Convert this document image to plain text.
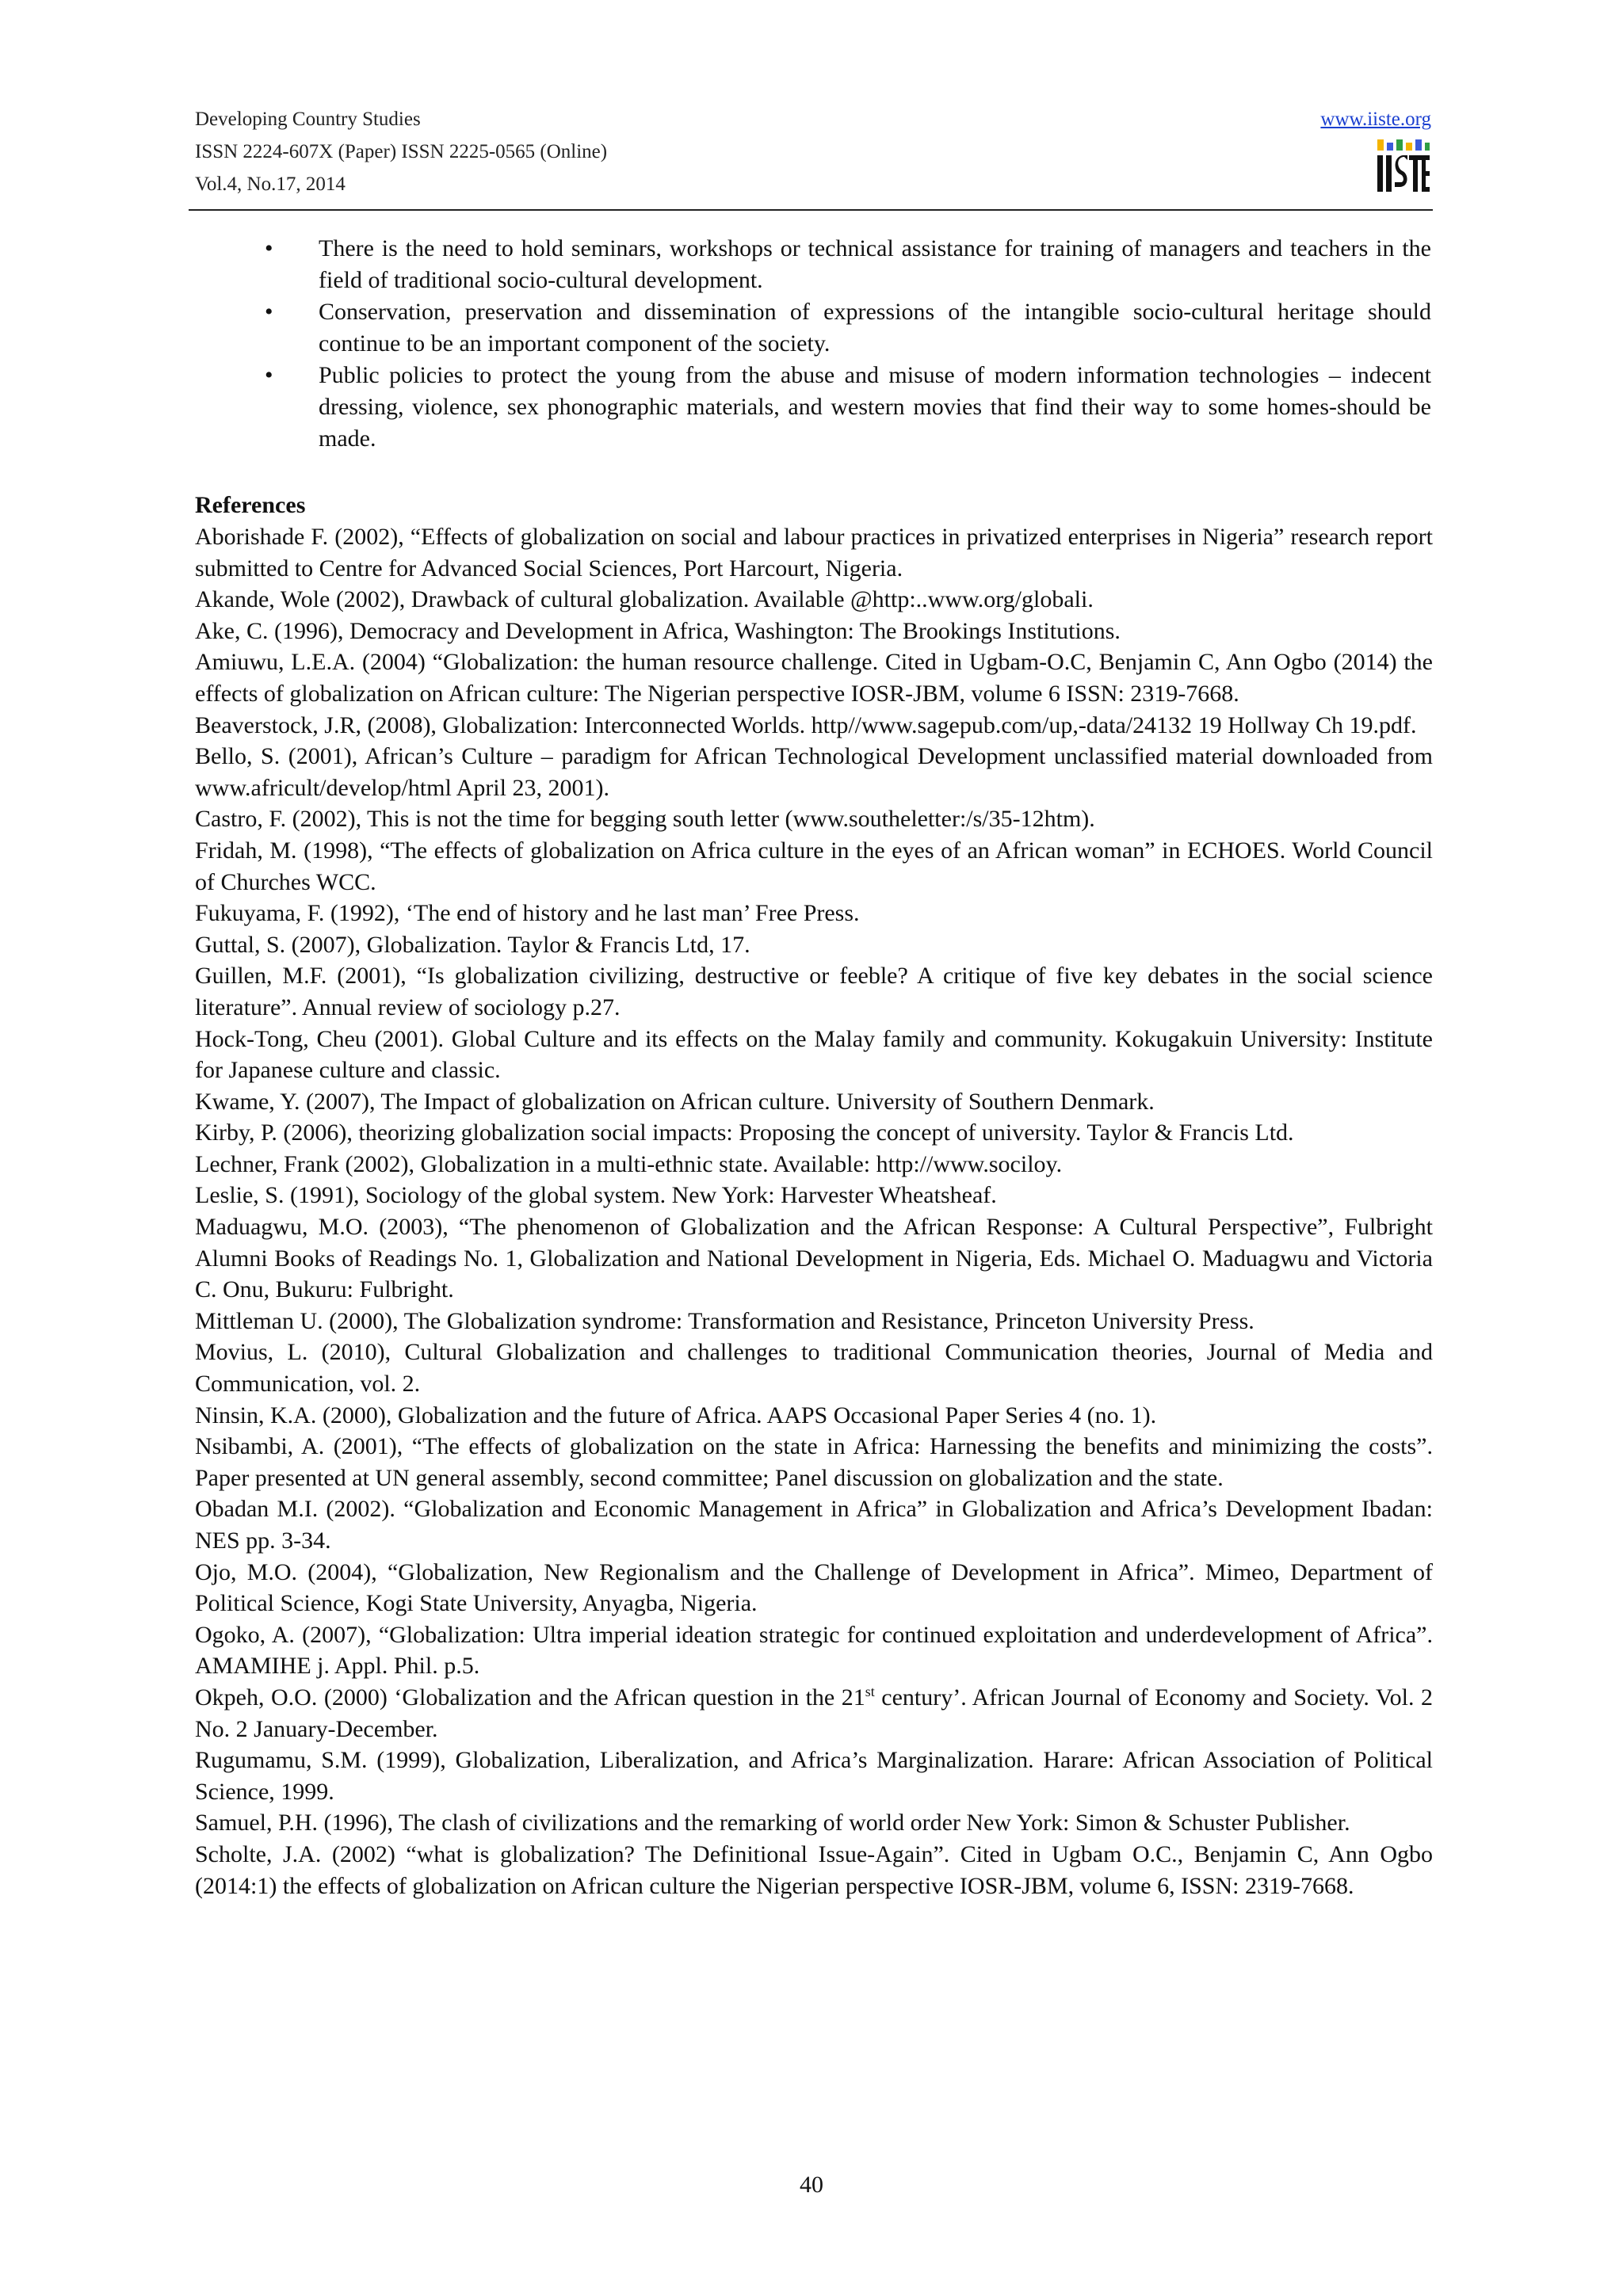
Developing Country Studies
ISSN 2224-607X (Paper) ISSN 2225-0565 (Online)
Vol.4, No.17, 2014
www.iiste.org
• There is the need to hold seminars, workshops or technical assistance for training of managers and teachers in the field of traditional socio-cultural development.
• Conservation, preservation and dissemination of expressions of the intangible socio-cultural heritage should continue to be an important component of the society.
• Public policies to protect the young from the abuse and misuse of modern information technologies – indecent dressing, violence, sex phonographic materials, and western movies that find their way to some homes-should be made.
References
Aborishade F. (2002), “Effects of globalization on social and labour practices in privatized enterprises in Nigeria” research report submitted to Centre for Advanced Social Sciences, Port Harcourt, Nigeria.
Akande, Wole (2002), Drawback of cultural globalization. Available @http:..www.org/globali.
Ake, C. (1996), Democracy and Development in Africa, Washington: The Brookings Institutions.
Amiuwu, L.E.A. (2004) “Globalization: the human resource challenge. Cited in Ugbam-O.C, Benjamin C, Ann Ogbo (2014) the effects of globalization on African culture: The Nigerian perspective IOSR-JBM, volume 6 ISSN: 2319-7668.
Beaverstock, J.R, (2008), Globalization: Interconnected Worlds. http//www.sagepub.com/up,-data/24132 19 Hollway Ch 19.pdf.
Bello, S. (2001), African’s Culture – paradigm for African Technological Development unclassified material downloaded from www.africult/develop/html April 23, 2001).
Castro, F. (2002), This is not the time for begging south letter (www.southeletter:/s/35-12htm).
Fridah, M. (1998), “The effects of globalization on Africa culture in the eyes of an African woman” in ECHOES. World Council of Churches WCC.
Fukuyama, F. (1992), ‘The end of history and he last man’ Free Press.
Guttal, S. (2007), Globalization. Taylor & Francis Ltd, 17.
Guillen, M.F. (2001), “Is globalization civilizing, destructive or feeble? A critique of five key debates in the social science literature”. Annual review of sociology p.27.
Hock-Tong, Cheu (2001). Global Culture and its effects on the Malay family and community. Kokugakuin University: Institute for Japanese culture and classic.
Kwame, Y. (2007), The Impact of globalization on African culture. University of Southern Denmark.
Kirby, P. (2006), theorizing globalization social impacts: Proposing the concept of university. Taylor & Francis Ltd.
Lechner, Frank (2002), Globalization in a multi-ethnic state. Available: http://www.sociloy.
Leslie, S. (1991), Sociology of the global system. New York: Harvester Wheatsheaf.
Maduagwu, M.O. (2003), “The phenomenon of Globalization and the African Response: A Cultural Perspective”, Fulbright Alumni Books of Readings No. 1, Globalization and National Development in Nigeria, Eds. Michael O. Maduagwu and Victoria C. Onu, Bukuru: Fulbright.
Mittleman U. (2000), The Globalization syndrome: Transformation and Resistance, Princeton University Press.
Movius, L. (2010), Cultural Globalization and challenges to traditional Communication theories, Journal of Media and Communication, vol. 2.
Ninsin, K.A. (2000), Globalization and the future of Africa. AAPS Occasional Paper Series 4 (no. 1).
Nsibambi, A. (2001), “The effects of globalization on the state in Africa: Harnessing the benefits and minimizing the costs”. Paper presented at UN general assembly, second committee; Panel discussion on globalization and the state.
Obadan M.I. (2002). “Globalization and Economic Management in Africa” in Globalization and Africa’s Development Ibadan: NES pp. 3-34.
Ojo, M.O. (2004), “Globalization, New Regionalism and the Challenge of Development in Africa”. Mimeo, Department of Political Science, Kogi State University, Anyagba, Nigeria.
Ogoko, A. (2007), “Globalization: Ultra imperial ideation strategic for continued exploitation and underdevelopment of Africa”. AMAMIHE j. Appl. Phil. p.5.
Okpeh, O.O. (2000) ‘Globalization and the African question in the 21st century’. African Journal of Economy and Society. Vol. 2 No. 2 January-December.
Rugumamu, S.M. (1999), Globalization, Liberalization, and Africa’s Marginalization. Harare: African Association of Political Science, 1999.
Samuel, P.H. (1996), The clash of civilizations and the remarking of world order New York: Simon & Schuster Publisher.
Scholte, J.A. (2002) “what is globalization? The Definitional Issue-Again”. Cited in Ugbam O.C., Benjamin C, Ann Ogbo (2014:1) the effects of globalization on African culture the Nigerian perspective IOSR-JBM, volume 6, ISSN: 2319-7668.
40
